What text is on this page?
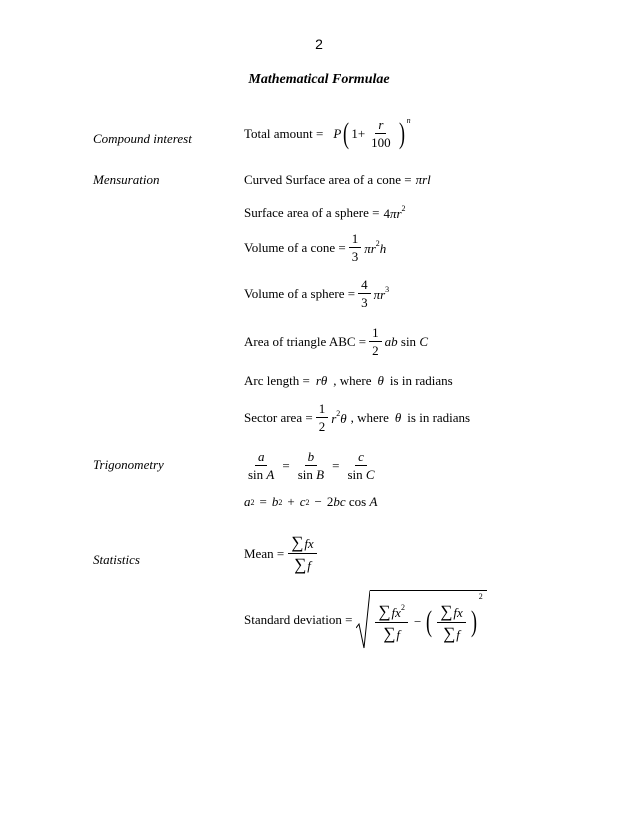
2
Mathematical Formulae
Compound interest	Total amount = P ( $1+ \frac{r}{100}$ ) n
Mensuration	Curved Surface area of a cone = πrl
Surface area of a sphere = $4\pi r^2$
Volume of a cone = $\frac{1}{3} \pi r^2h$
Volume of a sphere = $\frac{4}{3} \pi r^3$
Area of triangle ABC = $\frac{1}{2}$ ab sin C
Arc length = rθ , where θ is in radians
Sector area = $\frac{1}{2} r^2\theta$ , where θ is in radians
Trigonometry	$\frac{a}{\text{sin A}} = \frac{b}{\text{sin B}} = \frac{c}{\text{sin C}}$
a 2 = b 2 + c 2 − 2bc cos A
Statistics	Mean = $\frac{\sum fx}{\sum f}$
Standard deviation = $\frac{\sum fx^2}{\sum f}$ − ( $\frac{\sum fx}{\sum f}$ )
2
